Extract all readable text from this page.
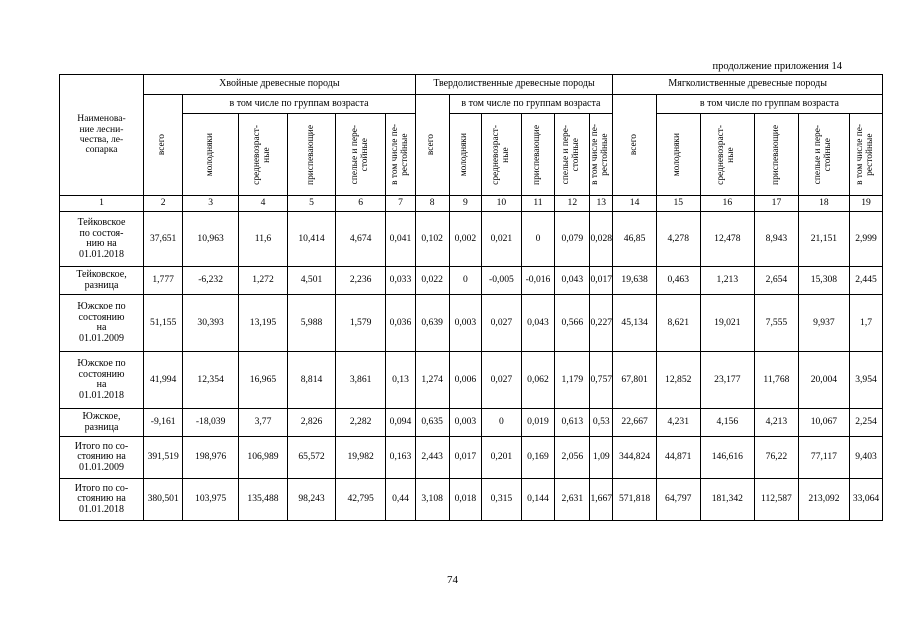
продолжение приложения 14
Наименова-
ние лесни-
чества, ле-
сопарка	Хвойные древесные породы						Твердолиственные древесные породы						Мягколиственные древесные породы					

	всего	в том числе по группам возраста					всего	в том числе по группам возраста					всего	в том числе по группам возраста				

		молодняки	средневозраст-
ные	приспевающие	спелые и пере-
стойные	в том числе пе-
рестойные		молодняки	средневозраст-
ные	приспевающие	спелые и пере-
стойные	в том числе пе-
рестойные		молодняки	средневозраст-
ные	приспевающие	спелые и пере-
стойные	в том числе пе-
рестойные

1	2	3	4	5	6	7	8	9	10	11	12	13	14	15	16	17	18	19
Тейковское
по состоя-
нию на
01.01.2018	37,651	10,963	11,6	10,414	4,674	0,041	0,102	0,002	0,021	0	0,079	0,028	46,85	4,278	12,478	8,943	21,151	2,999
Тейковское,
разница	1,777	-6,232	1,272	4,501	2,236	0,033	0,022	0	-0,005	-0,016	0,043	0,017	19,638	0,463	1,213	2,654	15,308	2,445
Южское по
состоянию
на
01.01.2009	51,155	30,393	13,195	5,988	1,579	0,036	0,639	0,003	0,027	0,043	0,566	0,227	45,134	8,621	19,021	7,555	9,937	1,7
Южское по
состоянию
на
01.01.2018	41,994	12,354	16,965	8,814	3,861	0,13	1,274	0,006	0,027	0,062	1,179	0,757	67,801	12,852	23,177	11,768	20,004	3,954
Южское,
разница	-9,161	-18,039	3,77	2,826	2,282	0,094	0,635	0,003	0	0,019	0,613	0,53	22,667	4,231	4,156	4,213	10,067	2,254
Итого по со-
стоянию на
01.01.2009	391,519	198,976	106,989	65,572	19,982	0,163	2,443	0,017	0,201	0,169	2,056	1,09	344,824	44,871	146,616	76,22	77,117	9,403
Итого по со-
стоянию на
01.01.2018	380,501	103,975	135,488	98,243	42,795	0,44	3,108	0,018	0,315	0,144	2,631	1,667	571,818	64,797	181,342	112,587	213,092	33,064
74
